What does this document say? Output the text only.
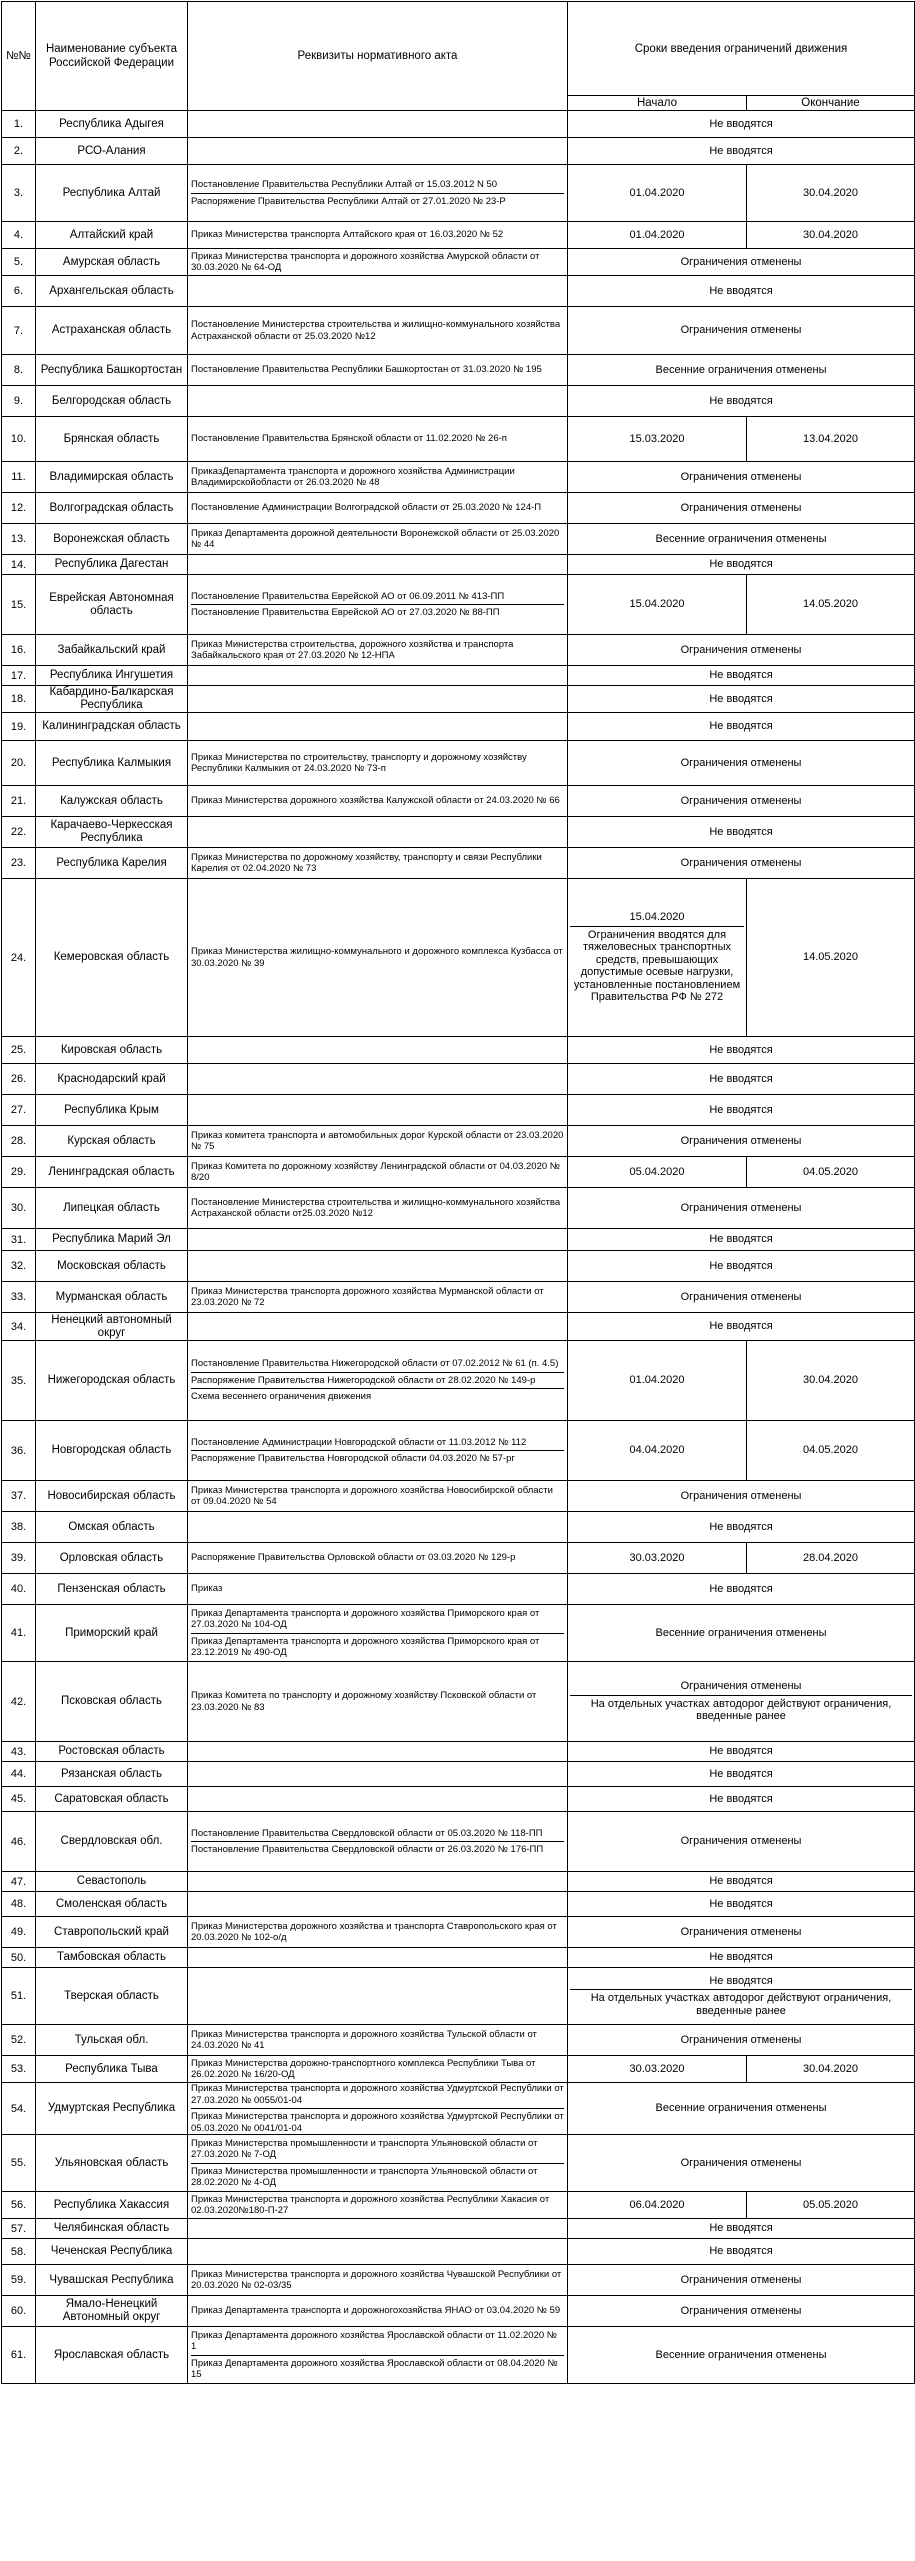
№№	Наименование субъекта Российской Федерации	Реквизиты нормативного акта	Сроки введения ограничений движения	
			Начало	Окончание
1.	Республика Адыгея		Не вводятся	

2.	РСО-Алания		Не вводятся	

3.	Республика Алтай	Постановление Правительства Республики Алтай от 15.03.2012 N 50
Распоряжение Правительства Республики Алтай от 27.01.2020 № 23-Р	01.04.2020	30.04.2020
4.	Алтайский край	Приказ Министерства транспорта Алтайского края от 16.03.2020 № 52	01.04.2020	30.04.2020
5.	Амурская область	Приказ Министерства транспорта и дорожного хозяйства Амурской области от 30.03.2020 № 64-ОД	Ограничения отменены	

6.	Архангельская область		Не вводятся	

7.	Астраханская область	Постановление Министерства строительства и жилищно-коммунального хозяйства Астраханской области от 25.03.2020 №12	Ограничения отменены	

8.	Республика Башкортостан	Постановление Правительства Республики Башкортостан от 31.03.2020 № 195	Весенние ограничения отменены	

9.	Белгородская область		Не вводятся	

10.	Брянская область	Постановление Правительства Брянской области от 11.02.2020 № 26-п	15.03.2020	13.04.2020
11.	Владимирская область	ПриказДепартамента транспорта и дорожного хозяйства Администрации Владимирскойобласти от 26.03.2020 № 48	Ограничения отменены	

12.	Волгоградская область	Постановление Администрации Волгоградской области от 25.03.2020 № 124-П	Ограничения отменены	

13.	Воронежская область	Приказ Департамента дорожной деятельности Воронежской области от 25.03.2020 № 44	Весенние ограничения отменены	

14.	Республика Дагестан		Не вводятся	

15.	Еврейская Автономная область	Постановление Правительства Еврейской АО от 06.09.2011 № 413-ПП
Постановление Правительства Еврейской АО от 27.03.2020 № 88-ПП	15.04.2020	14.05.2020
16.	Забайкальский край	Приказ Министерства строительства, дорожного хозяйства и транспорта Забайкальского края от 27.03.2020 № 12-НПА	Ограничения отменены	

17.	Республика Ингушетия		Не вводятся	

18.	Кабардино-Балкарская Республика		Не вводятся	

19.	Калининградская область		Не вводятся	

20.	Республика Калмыкия	Приказ Министерства по строительству, транспорту и дорожному хозяйству Республики Калмыкия от 24.03.2020 № 73-п	Ограничения отменены	

21.	Калужская область	Приказ Министерства дорожного хозяйства Калужской области от 24.03.2020 № 66	Ограничения отменены	

22.	Карачаево-Черкесская Республика		Не вводятся	

23.	Республика Карелия	Приказ Министерства по дорожному хозяйству, транспорту и связи Республики Карелия от 02.04.2020 № 73	Ограничения отменены	

24.	Кемеровская область	Приказ Министерства жилищно-коммунального и дорожного комплекса Кузбасса от 30.03.2020 № 39	15.04.2020
Ограничения вводятся для тяжеловесных транспортных средств, превышающих допустимые осевые нагрузки, установленные постановлением Правительства РФ № 272	14.05.2020
25.	Кировская область		Не вводятся	

26.	Краснодарский край		Не вводятся	

27.	Республика Крым		Не вводятся	

28.	Курская область	Приказ комитета транспорта и автомобильных дорог Курской области от 23.03.2020 № 75	Ограничения отменены	

29.	Ленинградская область	Приказ Комитета по дорожному хозяйству Ленинградской области от 04.03.2020 № 8/20	05.04.2020	04.05.2020
30.	Липецкая область	Постановление Министерства строительства и жилищно-коммунального хозяйства Астраханской области от25.03.2020 №12	Ограничения отменены	

31.	Республика Марий Эл		Не вводятся	

32.	Московская область		Не вводятся	

33.	Мурманская область	Приказ Министерства транспорта дорожного хозяйства Мурманской области от 23.03.2020 № 72	Ограничения отменены	

34.	Ненецкий автономный округ		Не вводятся	

35.	Нижегородская область	Постановление Правительства Нижегородской области от 07.02.2012 № 61 (п. 4.5)
Распоряжение Правительства Нижегородской области от 28.02.2020 № 149-р
Схема весеннего ограничения движения	01.04.2020	30.04.2020
36.	Новгородская область	Постановление Администрации Новгородской области от 11.03.2012 № 112
Распоряжение Правительства Новгородской области 04.03.2020 № 57-рг	04.04.2020	04.05.2020
37.	Новосибирская область	Приказ Министерства транспорта и дорожного хозяйства Новосибирской области от 09.04.2020 № 54	Ограничения отменены	

38.	Омская область		Не вводятся	

39.	Орловская область	Распоряжение Правительства Орловской области от 03.03.2020 № 129-р	30.03.2020	28.04.2020
40.	Пензенская область	Приказ	Не вводятся	

41.	Приморский край	Приказ Департамента транспорта и дорожного хозяйства Приморского края от 27.03.2020 № 104-ОД
Приказ Департамента транспорта и дорожного хозяйства Приморского края от 23.12.2019 № 490-ОД	Весенние ограничения отменены	

42.	Псковская область	Приказ Комитета по транспорту и дорожному хозяйству Псковской области от 23.03.2020 № 83	Ограничения отменены
На отдельных участках автодорог действуют ограничения, введенные ранее	

43.	Ростовская область		Не вводятся	

44.	Рязанская область		Не вводятся	

45.	Саратовская область		Не вводятся	

46.	Свердловская обл.	Постановление Правительства Свердловской области от 05.03.2020 № 118-ПП
Постановление Правительства Свердловской области от 26.03.2020 № 176-ПП	Ограничения отменены	

47.	Севастополь		Не вводятся	

48.	Смоленская область		Не вводятся	

49.	Ставропольский край	Приказ Министерства дорожного хозяйства и транспорта Ставропольского края от 20.03.2020 № 102-о/д	Ограничения отменены	

50.	Тамбовская область		Не вводятся	

51.	Тверская область		Не вводятся
На отдельных участках автодорог действуют ограничения, введенные ранее	

52.	Тульская обл.	Приказ Министерства транспорта и дорожного хозяйства Тульской области от 24.03.2020 № 41	Ограничения отменены	

53.	Республика Тыва	Приказ Министерства дорожно-транспортного комплекса Республики Тыва от 26.02.2020 № 16/20-ОД	30.03.2020	30.04.2020
54.	Удмуртская Республика	Приказ Министерства транспорта и дорожного хозяйства Удмуртской Республики от 27.03.2020 № 0055/01-04
Приказ Министерства транспорта и дорожного хозяйства Удмуртской Республики от 05.03.2020 № 0041/01-04	Весенние ограничения отменены	

55.	Ульяновская область	Приказ Министерства промышленности и транспорта Ульяновской области от 27.03.2020 № 7-ОД
Приказ Министерства промышленности и транспорта Ульяновской области от 28.02.2020 № 4-ОД	Ограничения отменены	

56.	Республика Хакассия	Приказ Министерства транспорта и дорожного хозяйства Республики Хакасия от 02.03.2020№180-П-27	06.04.2020	05.05.2020
57.	Челябинская область		Не вводятся	

58.	Чеченская Республика		Не вводятся	

59.	Чувашская Республика	Приказ Министерства транспорта и дорожного хозяйства Чувашской Республики от 20.03.2020 № 02-03/35	Ограничения отменены	

60.	Ямало-Ненецкий Автономный округ	Приказ Департамента транспорта и дорожногохозяйства ЯНАО от 03.04.2020 № 59	Ограничения отменены	

61.	Ярославская область	Приказ Департамента дорожного хозяйства Ярославской области от 11.02.2020 № 1
Приказ Департамента дорожного хозяйства Ярославской области от 08.04.2020 № 15	Весенние ограничения отменены	
